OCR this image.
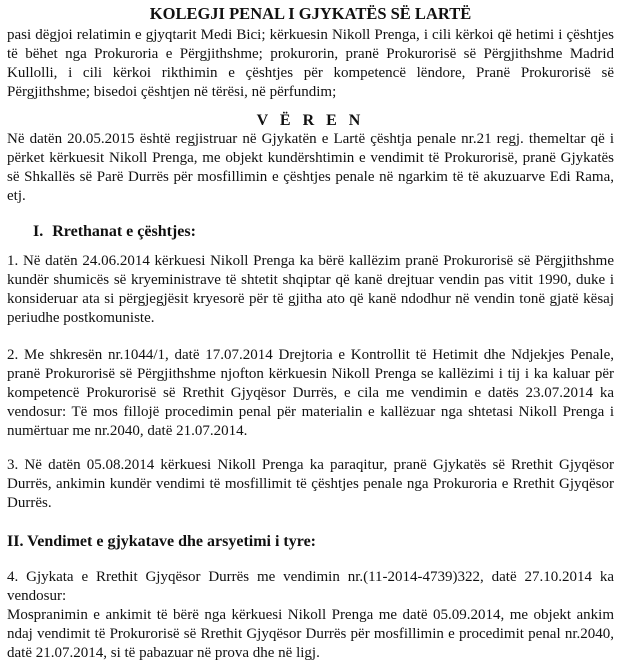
KOLEGJI PENAL I GJYKATËS SË LARTË
pasi dëgjoi relatimin e gjyqtarit Medi Bici; kërkuesin Nikoll Prenga, i cili kërkoi që hetimi i çështjes të bëhet nga Prokuroria e Përgjithshme; prokurorin, pranë Prokurorisë së Përgjithshme Madrid Kullolli, i cili kërkoi rikthimin e çështjes për kompetencë lëndore, Pranë Prokurorisë së Përgjithshme; bisedoi çështjen në tërësi, në përfundim;
V Ë R E N
Në datën 20.05.2015 është regjistruar në Gjykatën e Lartë çështja penale nr.21 regj. themeltar që i përket kërkuesit Nikoll Prenga, me objekt kundërshtimin e vendimit të Prokurorisë, pranë Gjykatës së Shkallës së Parë Durrës për mosfillimin e çështjes penale në ngarkim të të akuzuarve Edi Rama, etj.
I. Rrethanat e çështjes:
1. Në datën 24.06.2014 kërkuesi Nikoll Prenga ka bërë kallëzim pranë Prokurorisë së Përgjithshme kundër shumicës së kryeministrave të shtetit shqiptar që kanë drejtuar vendin pas vitit 1990, duke i konsideruar ata si përgjegjësit kryesorë për të gjitha ato që kanë ndodhur në vendin tonë gjatë kësaj periudhe postkomuniste.
2. Me shkresën nr.1044/1, datë 17.07.2014 Drejtoria e Kontrollit të Hetimit dhe Ndjekjes Penale, pranë Prokurorisë së Përgjithshme njofton kërkuesin Nikoll Prenga se kallëzimi i tij i ka kaluar për kompetencë Prokurorisë së Rrethit Gjyqësor Durrës, e cila me vendimin e datës 23.07.2014 ka vendosur: Të mos fillojë procedimin penal për materialin e kallëzuar nga shtetasi Nikoll Prenga i numërtuar me nr.2040, datë 21.07.2014.
3. Në datën 05.08.2014 kërkuesi Nikoll Prenga ka paraqitur, pranë Gjykatës së Rrethit Gjyqësor Durrës, ankimin kundër vendimi të mosfillimit të çështjes penale nga Prokuroria e Rrethit Gjyqësor Durrës.
II. Vendimet e gjykatave dhe arsyetimi i tyre:
4. Gjykata e Rrethit Gjyqësor Durrës me vendimin nr.(11-2014-4739)322, datë 27.10.2014 ka vendosur:
Mospranimin e ankimit të bërë nga kërkuesi Nikoll Prenga me datë 05.09.2014, me objekt ankim ndaj vendimit të Prokurorisë së Rrethit Gjyqësor Durrës për mosfillimin e procedimit penal nr.2040, datë 21.07.2014, si të pabazuar në prova dhe në ligj.
